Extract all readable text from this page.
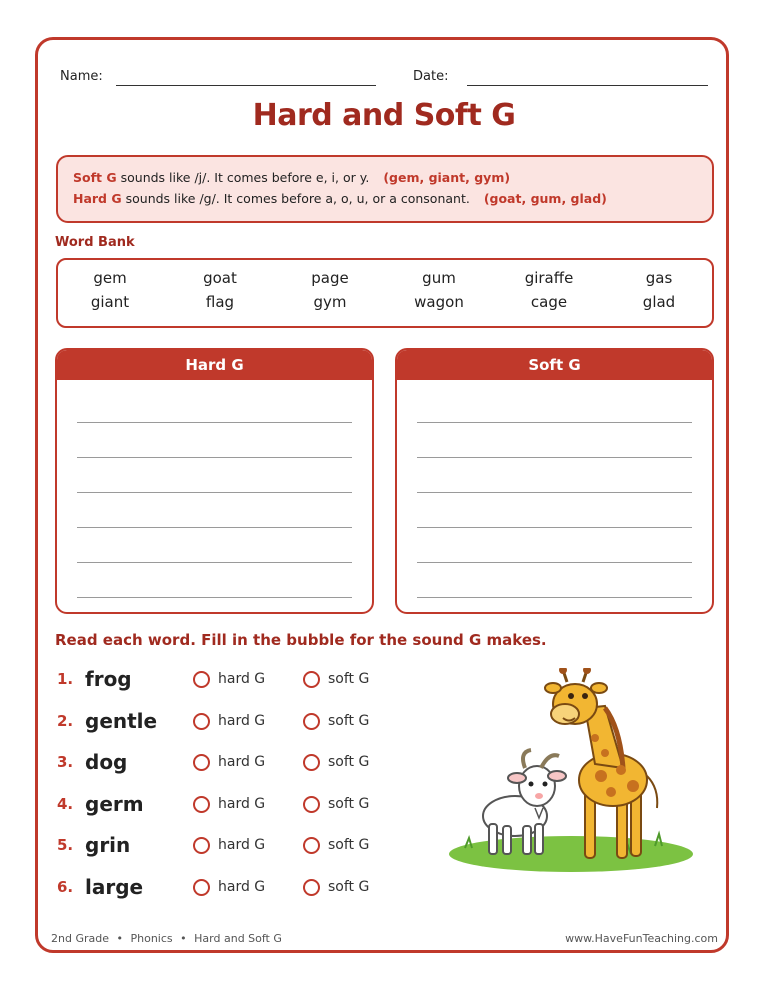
Name:	Date:
Hard and Soft G
Soft G sounds like /j/. It comes before e, i, or y. (gem, giant, gym)
Hard G sounds like /g/. It comes before a, o, u, or a consonant. (goat, gum, glad)
Word Bank
gem	goat	page	gum	giraffe	gas
giant	flag	gym	wagon	cage	glad
Hard G	Soft G
Read each word. Fill in the bubble for the sound G makes.
1. frog	hard G	soft G
2. gentle	hard G	soft G
3. dog	hard G	soft G
4. germ	hard G	soft G
5. grin	hard G	soft G
6. large	hard G	soft G
2nd Grade • Phonics • Hard and Soft G	www.HaveFunTeaching.com
